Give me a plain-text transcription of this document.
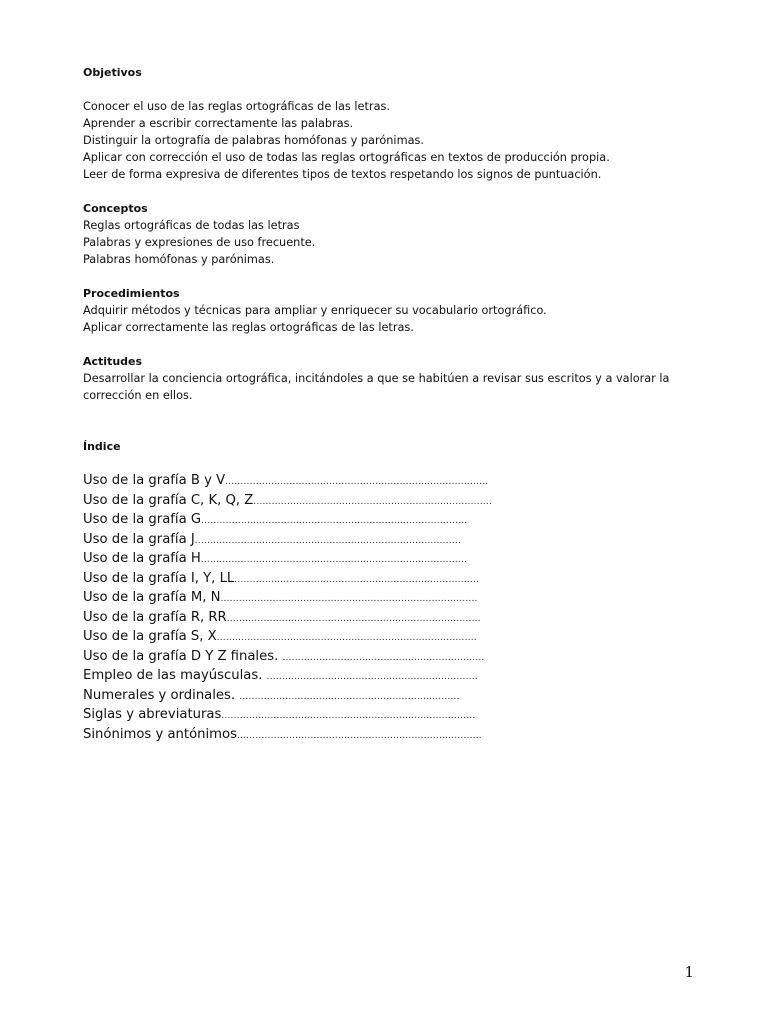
Objetivos

Conocer el uso de las reglas ortográficas de las letras.

Aprender a escribir correctamente las palabras.

Distinguir la ortografía de palabras homófonas y parónimas.

Aplicar con corrección el uso de todas las reglas ortográficas en textos de producción propia.

Leer de forma expresiva de diferentes tipos de textos respetando los signos de puntuación.

Conceptos

Reglas ortográficas de todas las letras

Palabras y expresiones de uso frecuente.

Palabras homófonas y parónimas.

Procedimientos

Adquirir métodos y técnicas para ampliar y enriquecer su vocabulario ortográfico.

Aplicar correctamente las reglas ortográficas de las letras.

Actitudes

Desarrollar la conciencia ortográfica, incitándoles a que se habitúen a revisar sus escritos y a valorar la corrección en ellos.

Índice

Uso de la grafía B y V......................................................................................

Uso de la grafía C, K, Q, Z..............................................................................

Uso de la grafía G.......................................................................................

Uso de la grafía J.......................................................................................

Uso de la grafía H.......................................................................................

Uso de la grafía I, Y, LL................................................................................

Uso de la grafía M, N....................................................................................

Uso de la grafía R, RR...................................................................................

Uso de la grafía S, X.....................................................................................

Uso de la grafía D Y Z finales. ..................................................................

Empleo de las mayúsculas. .....................................................................

Numerales y ordinales. ........................................................................

Siglas y abreviaturas...................................................................................

Sinónimos y antónimos................................................................................

1
